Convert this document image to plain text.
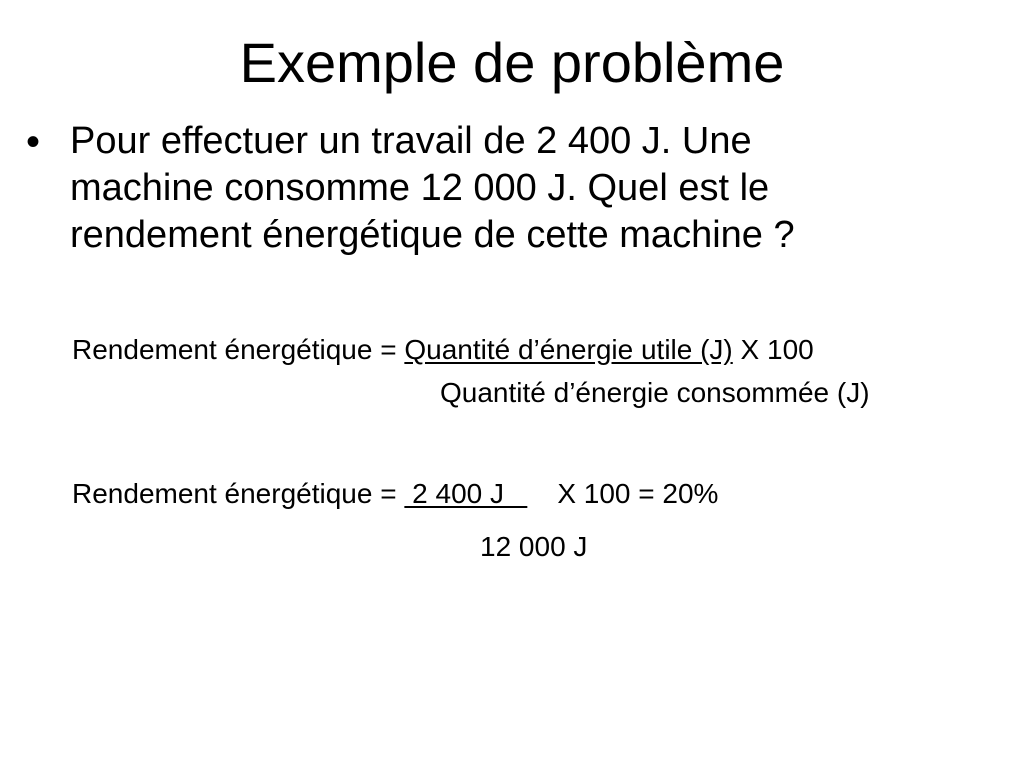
Exemple de problème
• Pour effectuer un travail de 2 400 J. Une
machine consomme 12 000 J. Quel est le
rendement énergétique de cette machine ?
Rendement énergétique = Quantité d’énergie utile (J) X 100
Quantité d’énergie consommée (J)
Rendement énergétique =  2 400 J   X 100 = 20%
12 000 J
